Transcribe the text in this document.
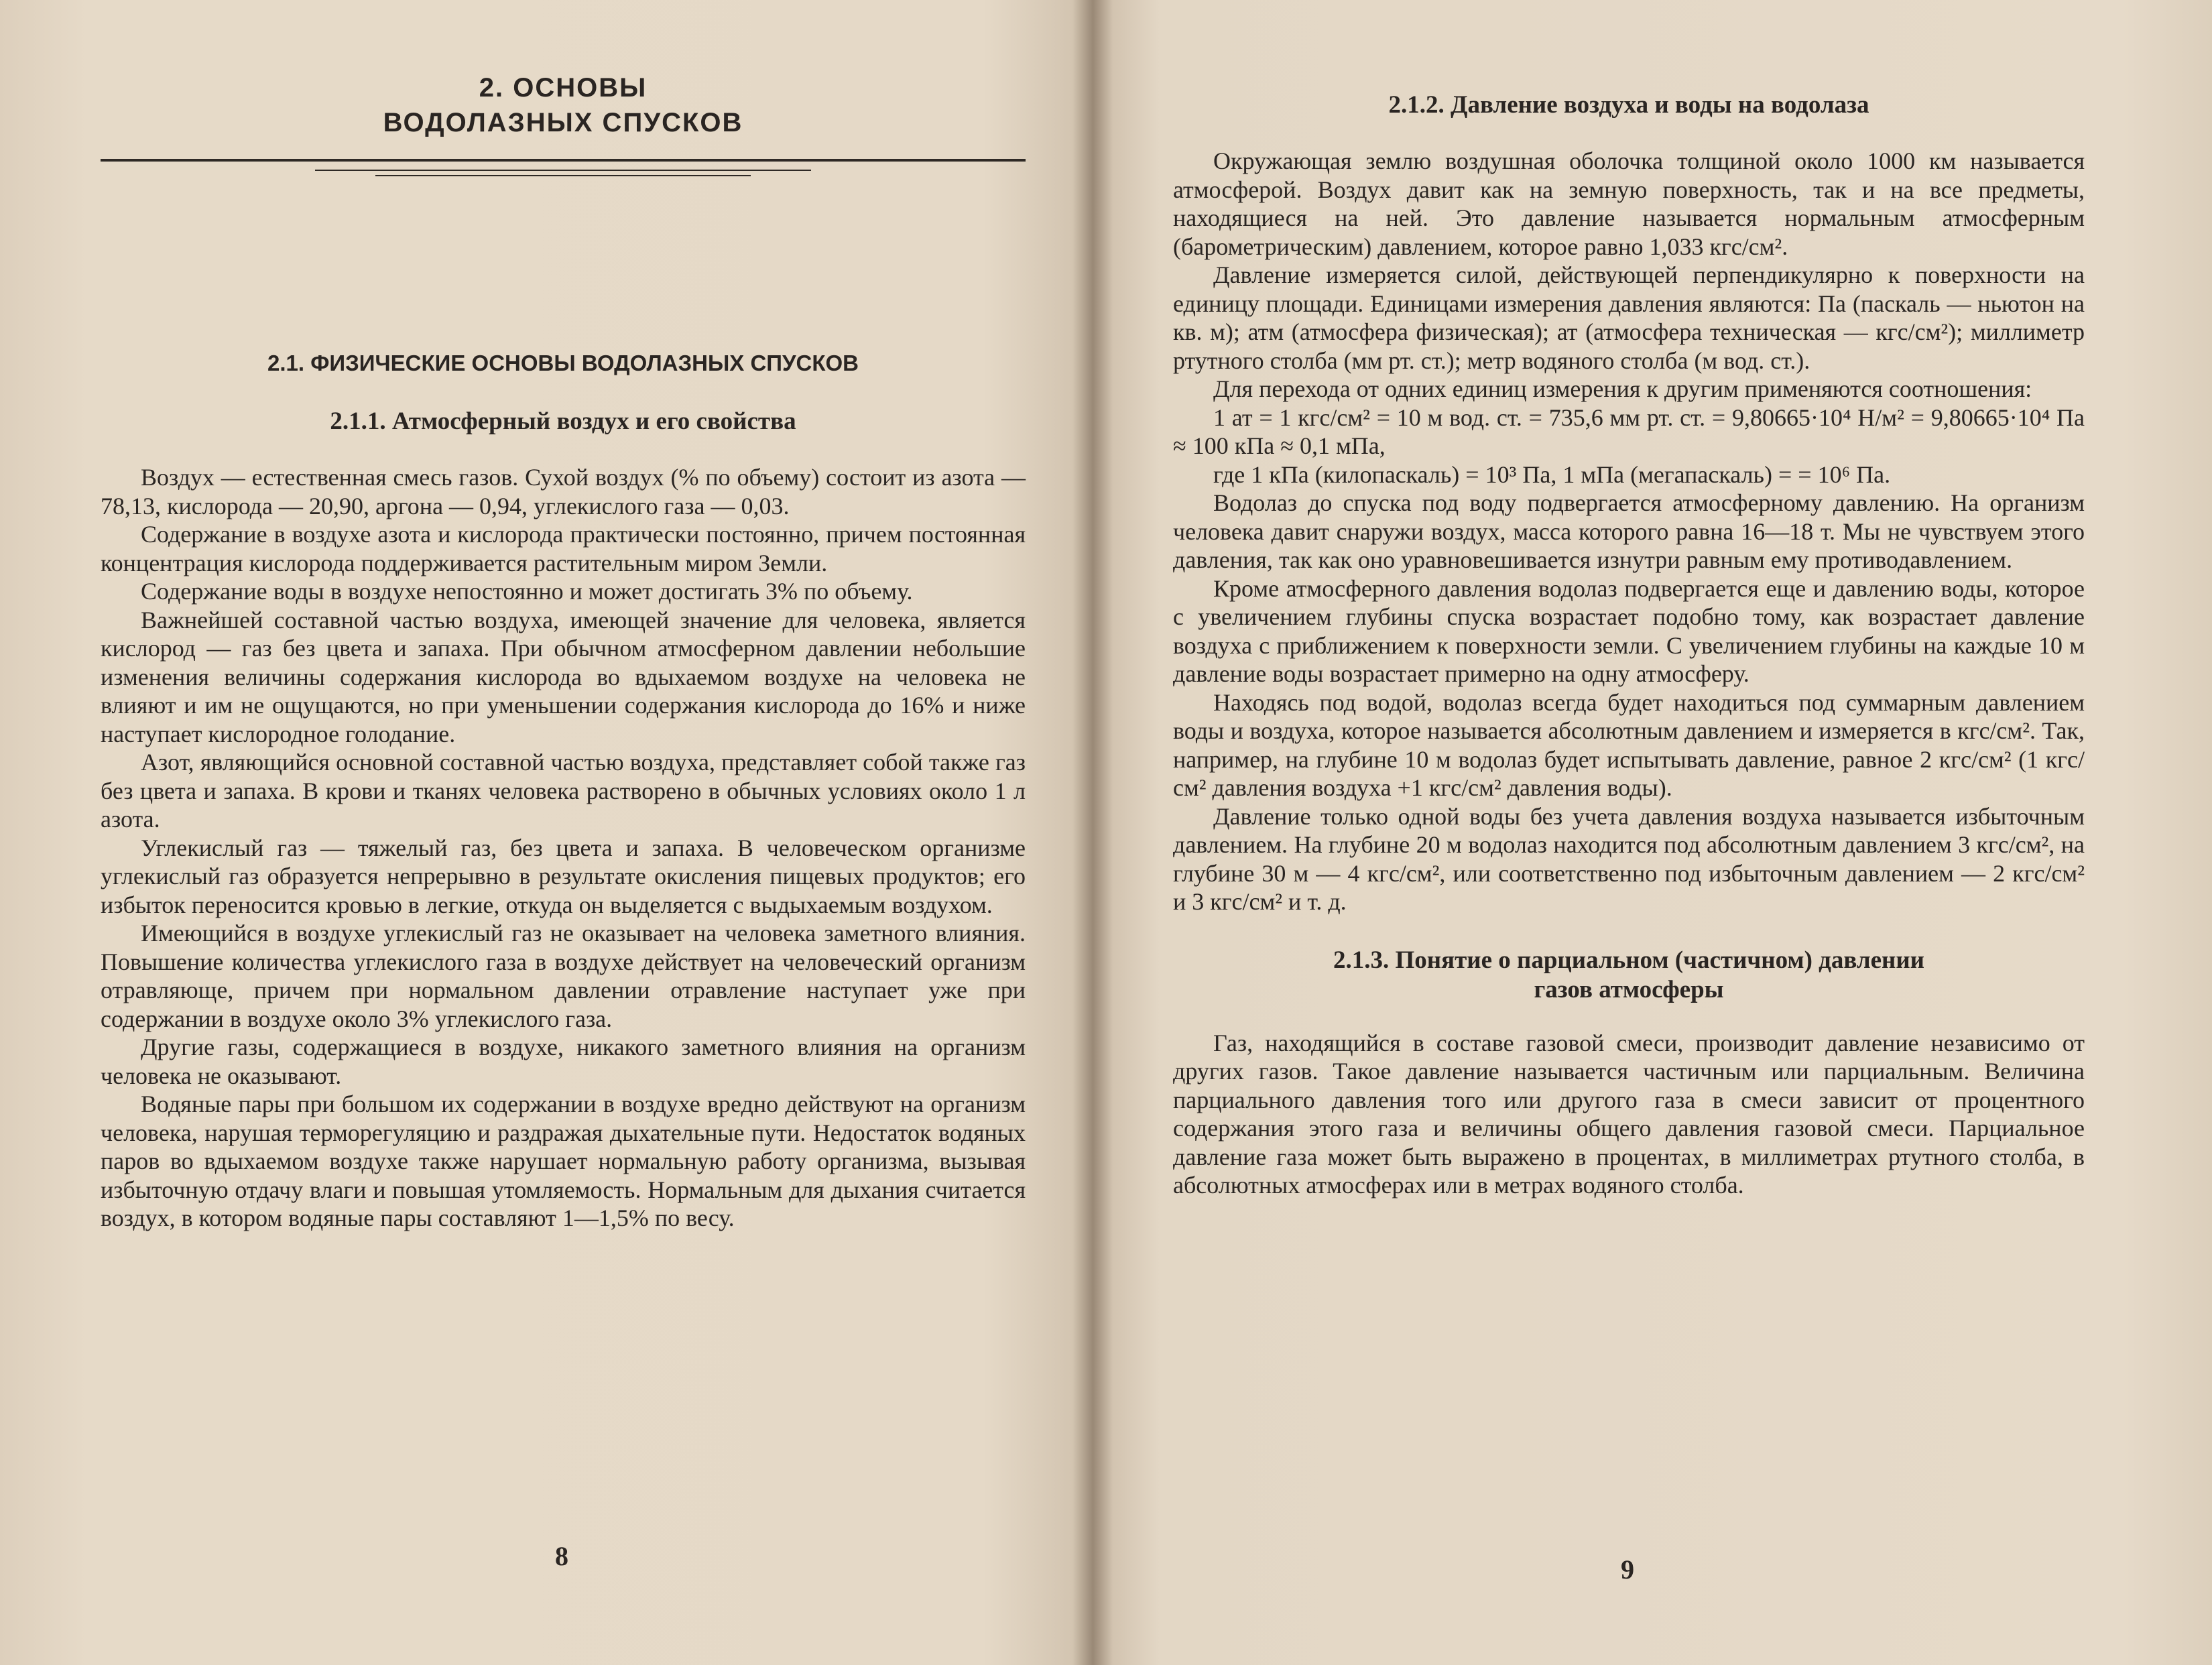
2. ОСНОВЫ
ВОДОЛАЗНЫХ СПУСКОВ
2.1. ФИЗИЧЕСКИЕ ОСНОВЫ ВОДОЛАЗНЫХ СПУСКОВ
2.1.1. Атмосферный воздух и его свойства

Воздух — естественная смесь газов. Сухой воздух (% по объему) состоит из азота — 78,13, кислорода — 20,90, аргона — 0,94, углекислого газа — 0,03.

Содержание в воздухе азота и кислорода практически постоянно, причем постоянная концентрация кислорода поддерживается растительным миром Земли.

Содержание воды в воздухе непостоянно и может достигать 3% по объему.

Важнейшей составной частью воздуха, имеющей значение для человека, является кислород — газ без цвета и запаха. При обычном атмосферном давлении небольшие изменения величины содержания кислорода во вдыхаемом воздухе на человека не влияют и им не ощущаются, но при уменьшении содержания кислорода до 16% и ниже наступает кислородное голодание.

Азот, являющийся основной составной частью воздуха, представляет собой также газ без цвета и запаха. В крови и тканях человека растворено в обычных условиях около 1 л азота.

Углекислый газ — тяжелый газ, без цвета и запаха. В человеческом организме углекислый газ образуется непрерывно в результате окисления пищевых продуктов; его избыток переносится кровью в легкие, откуда он выделяется с выдыхаемым воздухом.

Имеющийся в воздухе углекислый газ не оказывает на человека заметного влияния. Повышение количества углекислого газа в воздухе действует на человеческий организм отравляюще, причем при нормальном давлении отравление наступает уже при содержании в воздухе около 3% углекислого газа.

Другие газы, содержащиеся в воздухе, никакого заметного влияния на организм человека не оказывают.

Водяные пары при большом их содержании в воздухе вредно действуют на организм человека, нарушая терморегуляцию и раздражая дыхательные пути. Недостаток водяных паров во вдыхаемом воздухе также нарушает нормальную работу организма, вызывая избыточную отдачу влаги и повышая утомляемость. Нормальным для дыхания считается воздух, в котором водяные пары составляют 1—1,5% по весу.

8	9
2.1.2. Давление воздуха и воды на водолаза

Окружающая землю воздушная оболочка толщиной около 1000 км называется атмосферой. Воздух давит как на земную поверхность, так и на все предметы, находящиеся на ней. Это давление называется нормальным атмосферным (барометрическим) давлением, которое равно 1,033 кгс/см².

Давление измеряется силой, действующей перпендикулярно к поверхности на единицу площади. Единицами измерения давления являются: Па (паскаль — ньютон на кв. м); атм (атмосфера физическая); ат (атмосфера техническая — кгс/см²); миллиметр ртутного столба (мм рт. ст.); метр водяного столба (м вод. ст.).

Для перехода от одних единиц измерения к другим применяются соотношения:

1 ат = 1 кгс/см² = 10 м вод. ст. = 735,6 мм рт. ст. = 9,80665·10⁴ Н/м² = 9,80665·10⁴ Па ≈ 100 кПа ≈ 0,1 мПа,

где 1 кПа (килопаскаль) = 10³ Па, 1 мПа (мегапаскаль) = = 10⁶ Па.

Водолаз до спуска под воду подвергается атмосферному давлению. На организм человека давит снаружи воздух, масса которого равна 16—18 т. Мы не чувствуем этого давления, так как оно уравновешивается изнутри равным ему противодавлением.

Кроме атмосферного давления водолаз подвергается еще и давлению воды, которое с увеличением глубины спуска возрастает подобно тому, как возрастает давление воздуха с приближением к поверхности земли. С увеличением глубины на каждые 10 м давление воды возрастает примерно на одну атмосферу.

Находясь под водой, водолаз всегда будет находиться под суммарным давлением воды и воздуха, которое называется абсолютным давлением и измеряется в кгс/см². Так, например, на глубине 10 м водолаз будет испытывать давление, равное 2 кгс/см² (1 кгс/см² давления воздуха +1 кгс/см² давления воды).

Давление только одной воды без учета давления воздуха называется избыточным давлением. На глубине 20 м водолаз находится под абсолютным давлением 3 кгс/см², на глубине 30 м — 4 кгс/см², или соответственно под избыточным давлением — 2 кгс/см² и 3 кгс/см² и т. д.

2.1.3. Понятие о парциальном (частичном) давлении
газов атмосферы

Газ, находящийся в составе газовой смеси, производит давление независимо от других газов. Такое давление называется частичным или парциальным. Величина парциального давления того или другого газа в смеси зависит от процентного содержания этого газа и величины общего давления газовой смеси. Парциальное давление газа может быть выражено в процентах, в миллиметрах ртутного столба, в абсолютных атмосферах или в метрах водяного столба.
